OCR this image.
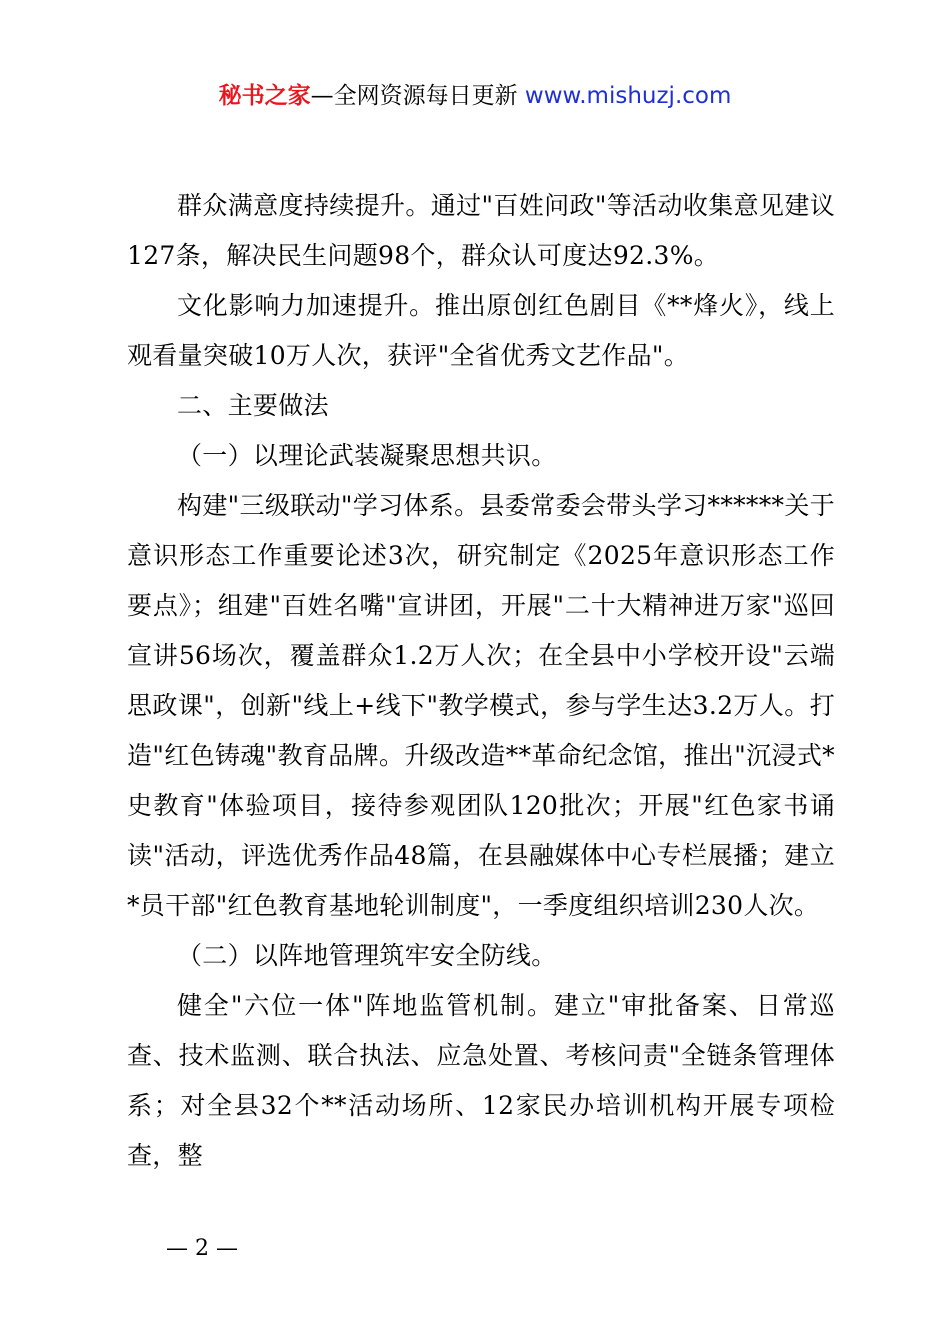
秘书之家—全网资源每日更新 www.mishuzj.com

群众满意度持续提升。通过"百姓问政"等活动收集意见建议127条，解决民生问题98个，群众认可度达92.3%。

文化影响力加速提升。推出原创红色剧目《**烽火》，线上观看量突破10万人次，获评"全省优秀文艺作品"。

二、主要做法

（一）以理论武装凝聚思想共识。

构建"三级联动"学习体系。县委常委会带头学习******关于意识形态工作重要论述3次，研究制定《2025年意识形态工作要点》；组建"百姓名嘴"宣讲团，开展"二十大精神进万家"巡回宣讲56场次，覆盖群众1.2万人次；在全县中小学校开设"云端思政课"，创新"线上+线下"教学模式，参与学生达3.2万人。打造"红色铸魂"教育品牌。升级改造**革命纪念馆，推出"沉浸式*史教育"体验项目，接待参观团队120批次；开展"红色家书诵读"活动，评选优秀作品48篇，在县融媒体中心专栏展播；建立*员干部"红色教育基地轮训制度"，一季度组织培训230人次。

（二）以阵地管理筑牢安全防线。

健全"六位一体"阵地监管机制。建立"审批备案、日常巡查、技术监测、联合执法、应急处置、考核问责"全链条管理体系；对全县32个**活动场所、12家民办培训机构开展专项检查，整

— 2 —
